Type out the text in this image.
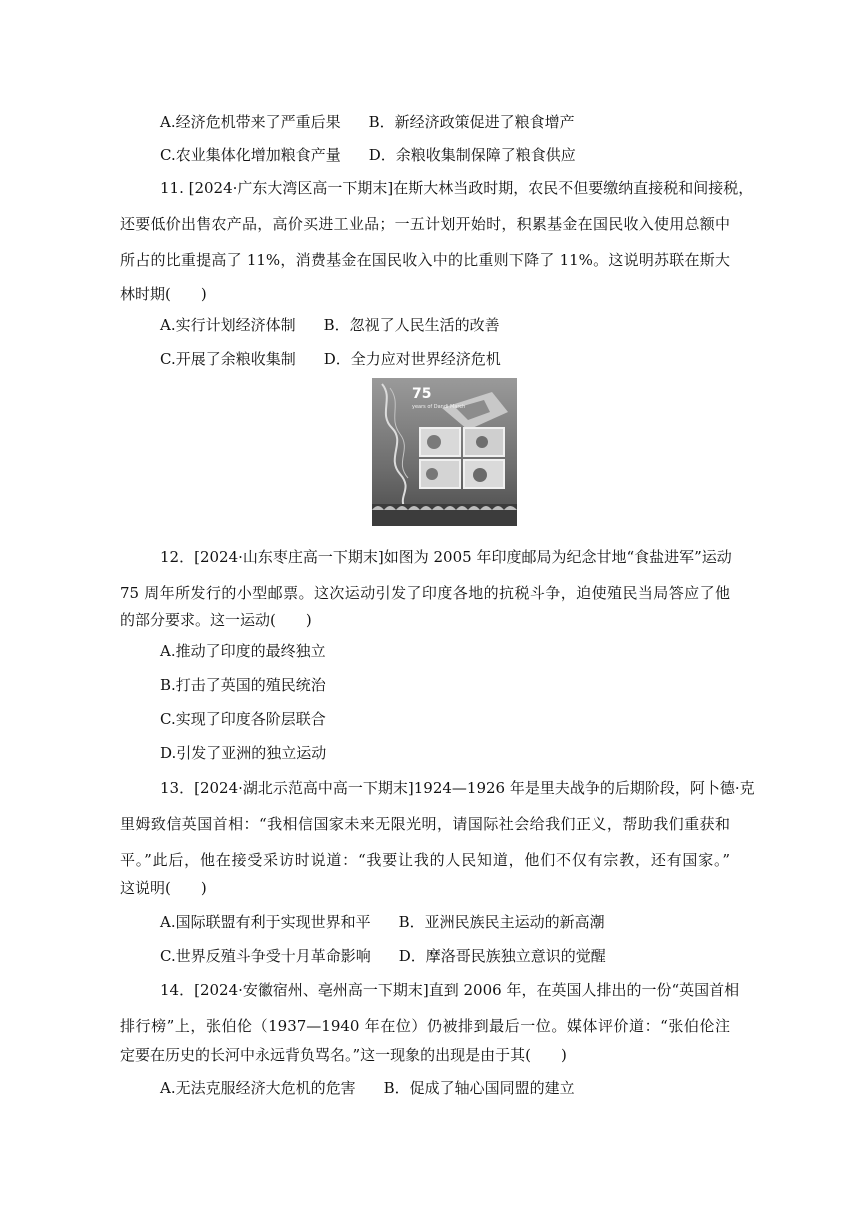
A.经济危机带来了严重后果 B．新经济政策促进了粮食增产
C.农业集体化增加粮食产量 D．余粮收集制保障了粮食供应
11. [2024·广东大湾区高一下期末]在斯大林当政时期，农民不但要缴纳直接税和间接税，
还要低价出售农产品，高价买进工业品；一五计划开始时，积累基金在国民收入使用总额中
所占的比重提高了 11%，消费基金在国民收入中的比重则下降了 11%。这说明苏联在斯大
林时期(　　)
A.实行计划经济体制 B．忽视了人民生活的改善
C.开展了余粮收集制 D．全力应对世界经济危机
75
years of Dandi March
12．[2024·山东枣庄高一下期末]如图为 2005 年印度邮局为纪念甘地“食盐进军”运动
75 周年所发行的小型邮票。这次运动引发了印度各地的抗税斗争，迫使殖民当局答应了他
的部分要求。这一运动(　　)
A.推动了印度的最终独立
B.打击了英国的殖民统治
C.实现了印度各阶层联合
D.引发了亚洲的独立运动
13．[2024·湖北示范高中高一下期末]1924—1926 年是里夫战争的后期阶段，阿卜德·克
里姆致信英国首相：“我相信国家未来无限光明，请国际社会给我们正义，帮助我们重获和
平。”此后，他在接受采访时说道：“我要让我的人民知道，他们不仅有宗教，还有国家。”
这说明(　　)
A.国际联盟有利于实现世界和平 B．亚洲民族民主运动的新高潮
C.世界反殖斗争受十月革命影响 D．摩洛哥民族独立意识的觉醒
14．[2024·安徽宿州、亳州高一下期末]直到 2006 年，在英国人排出的一份“英国首相
排行榜”上，张伯伦（1937—1940 年在位）仍被排到最后一位。媒体评价道：“张伯伦注
定要在历史的长河中永远背负骂名。”这一现象的出现是由于其(　　)
A.无法克服经济大危机的危害 B．促成了轴心国同盟的建立
